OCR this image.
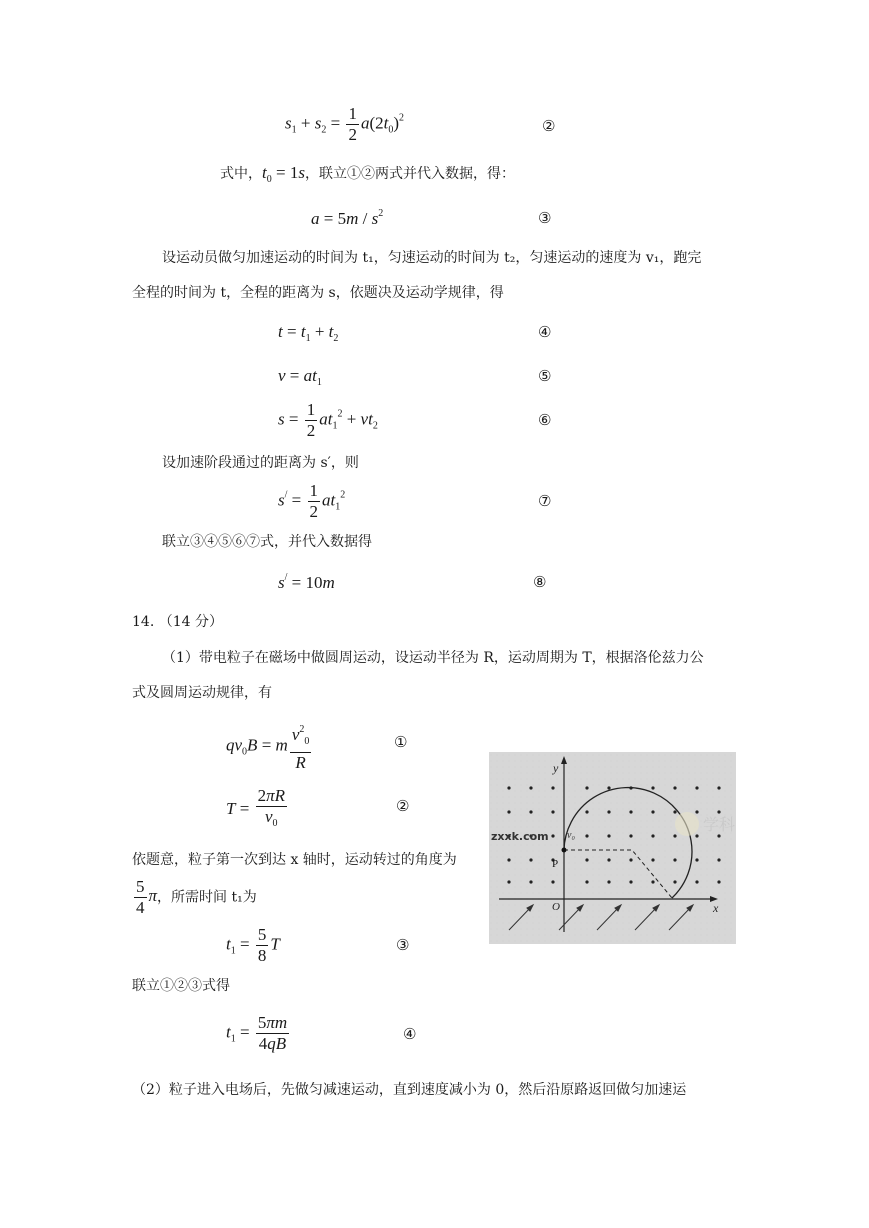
$s_1 + s_2 = \frac{1}{2} a(2t_0)^2$	②
式中，$t_0 = 1s$，联立①②两式并代入数据，得：
$a = 5m / s^2$	③
设运动员做匀加速运动的时间为 t₁，匀速运动的时间为 t₂，匀速运动的速度为 v₁，跑完
全程的时间为 t，全程的距离为 s，依题决及运动学规律，得
$t = t_1 + t_2$	④
$v = at_1$	⑤
$s = \frac{1}{2} at_1^2 + vt_2$	⑥
设加速阶段通过的距离为 s′，则
$s^/ = \frac{1}{2} at_1^2$	⑦
联立③④⑤⑥⑦式，并代入数据得
s/ = 10m	⑧
14. （14 分）
（1）带电粒子在磁场中做圆周运动，设运动半径为 R，运动周期为 T，根据洛伦兹力公
式及圆周运动规律，有
$qv_0B = m \frac{v^2_0}{R}$	①
$T = \frac{2\pi R}{v_0}$	②
依题意，粒子第一次到达 x 轴时，运动转过的角度为
$\frac{5}{4}$ π，所需时间 t₁为
$t_1 = \frac{5}{8}$ T	③
联立①②③式得
$t_1 = \frac{5\pi m}{4qB}$	④
（2）粒子进入电场后，先做匀减速运动，直到速度减小为 0，然后沿原路返回做匀加速运
学科
y
x
O
P
v₀
zxxk.com
